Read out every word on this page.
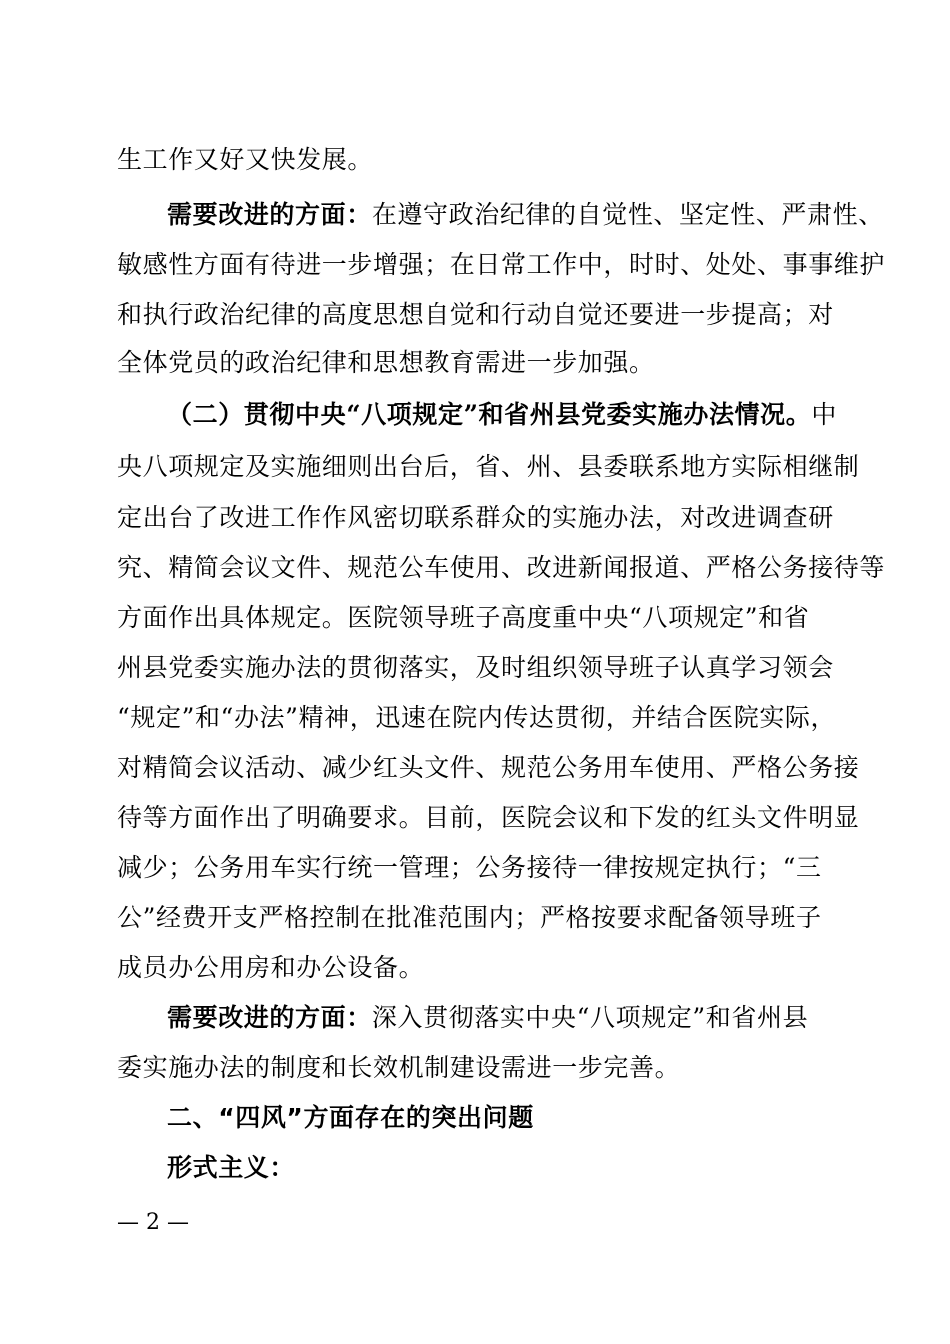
生工作又好又快发展。
需要改进的方面：在遵守政治纪律的自觉性、坚定性、严肃性、
敏感性方面有待进一步增强；在日常工作中，时时、处处、事事维护
和执行政治纪律的高度思想自觉和行动自觉还要进一步提高；对
全体党员的政治纪律和思想教育需进一步加强。
（二）贯彻中央“八项规定”和省州县党委实施办法情况。中
央八项规定及实施细则出台后，省、州、县委联系地方实际相继制
定出台了改进工作作风密切联系群众的实施办法，对改进调查研
究、精简会议文件、规范公车使用、改进新闻报道、严格公务接待等
方面作出具体规定。医院领导班子高度重中央“八项规定”和省
州县党委实施办法的贯彻落实，及时组织领导班子认真学习领会
“规定”和“办法”精神，迅速在院内传达贯彻，并结合医院实际，
对精简会议活动、减少红头文件、规范公务用车使用、严格公务接
待等方面作出了明确要求。目前，医院会议和下发的红头文件明显
减少；公务用车实行统一管理；公务接待一律按规定执行；“三
公”经费开支严格控制在批准范围内；严格按要求配备领导班子
成员办公用房和办公设备。
需要改进的方面：深入贯彻落实中央“八项规定”和省州县
委实施办法的制度和长效机制建设需进一步完善。
二、“四风”方面存在的突出问题
形式主义：
— 2 —
